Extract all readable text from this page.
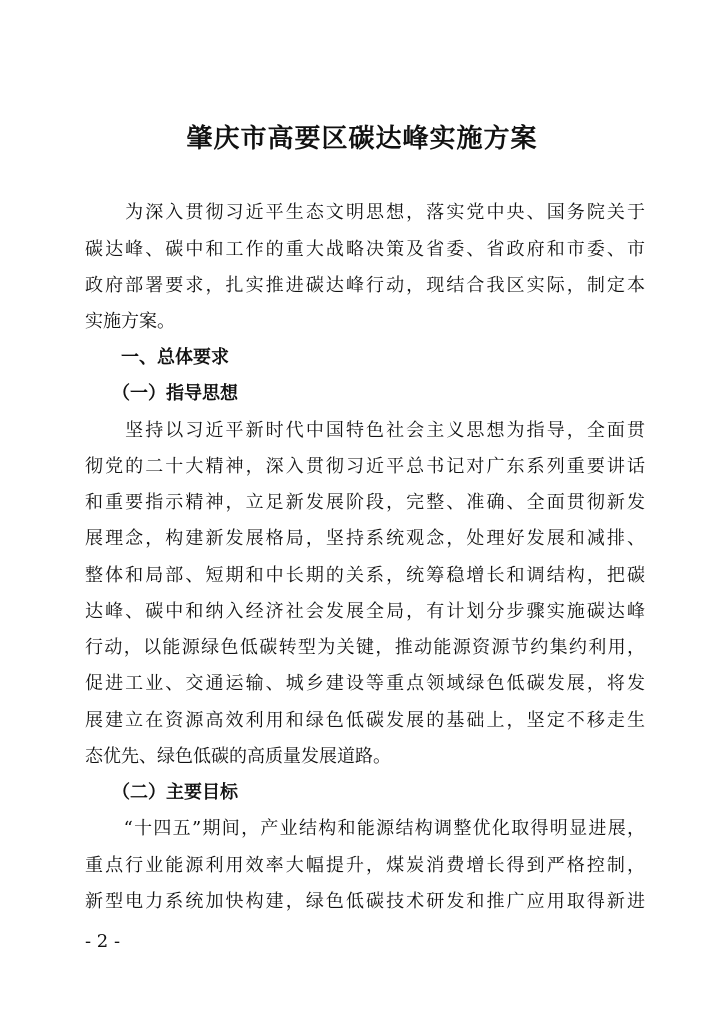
肇庆市高要区碳达峰实施方案
　　为深入贯彻习近平生态文明思想，落实党中央、国务院关于
碳达峰、碳中和工作的重大战略决策及省委、省政府和市委、市
政府部署要求，扎实推进碳达峰行动，现结合我区实际，制定本
实施方案。
　　一、总体要求
　　（一）指导思想
　　坚持以习近平新时代中国特色社会主义思想为指导，全面贯
彻党的二十大精神，深入贯彻习近平总书记对广东系列重要讲话
和重要指示精神，立足新发展阶段，完整、准确、全面贯彻新发
展理念，构建新发展格局，坚持系统观念，处理好发展和减排、
整体和局部、短期和中长期的关系，统筹稳增长和调结构，把碳
达峰、碳中和纳入经济社会发展全局，有计划分步骤实施碳达峰
行动，以能源绿色低碳转型为关键，推动能源资源节约集约利用，
促进工业、交通运输、城乡建设等重点领域绿色低碳发展，将发
展建立在资源高效利用和绿色低碳发展的基础上，坚定不移走生
态优先、绿色低碳的高质量发展道路。
　　（二）主要目标
　　“十四五”期间，产业结构和能源结构调整优化取得明显进展，
重点行业能源利用效率大幅提升，煤炭消费增长得到严格控制，
新型电力系统加快构建，绿色低碳技术研发和推广应用取得新进
- 2 -
